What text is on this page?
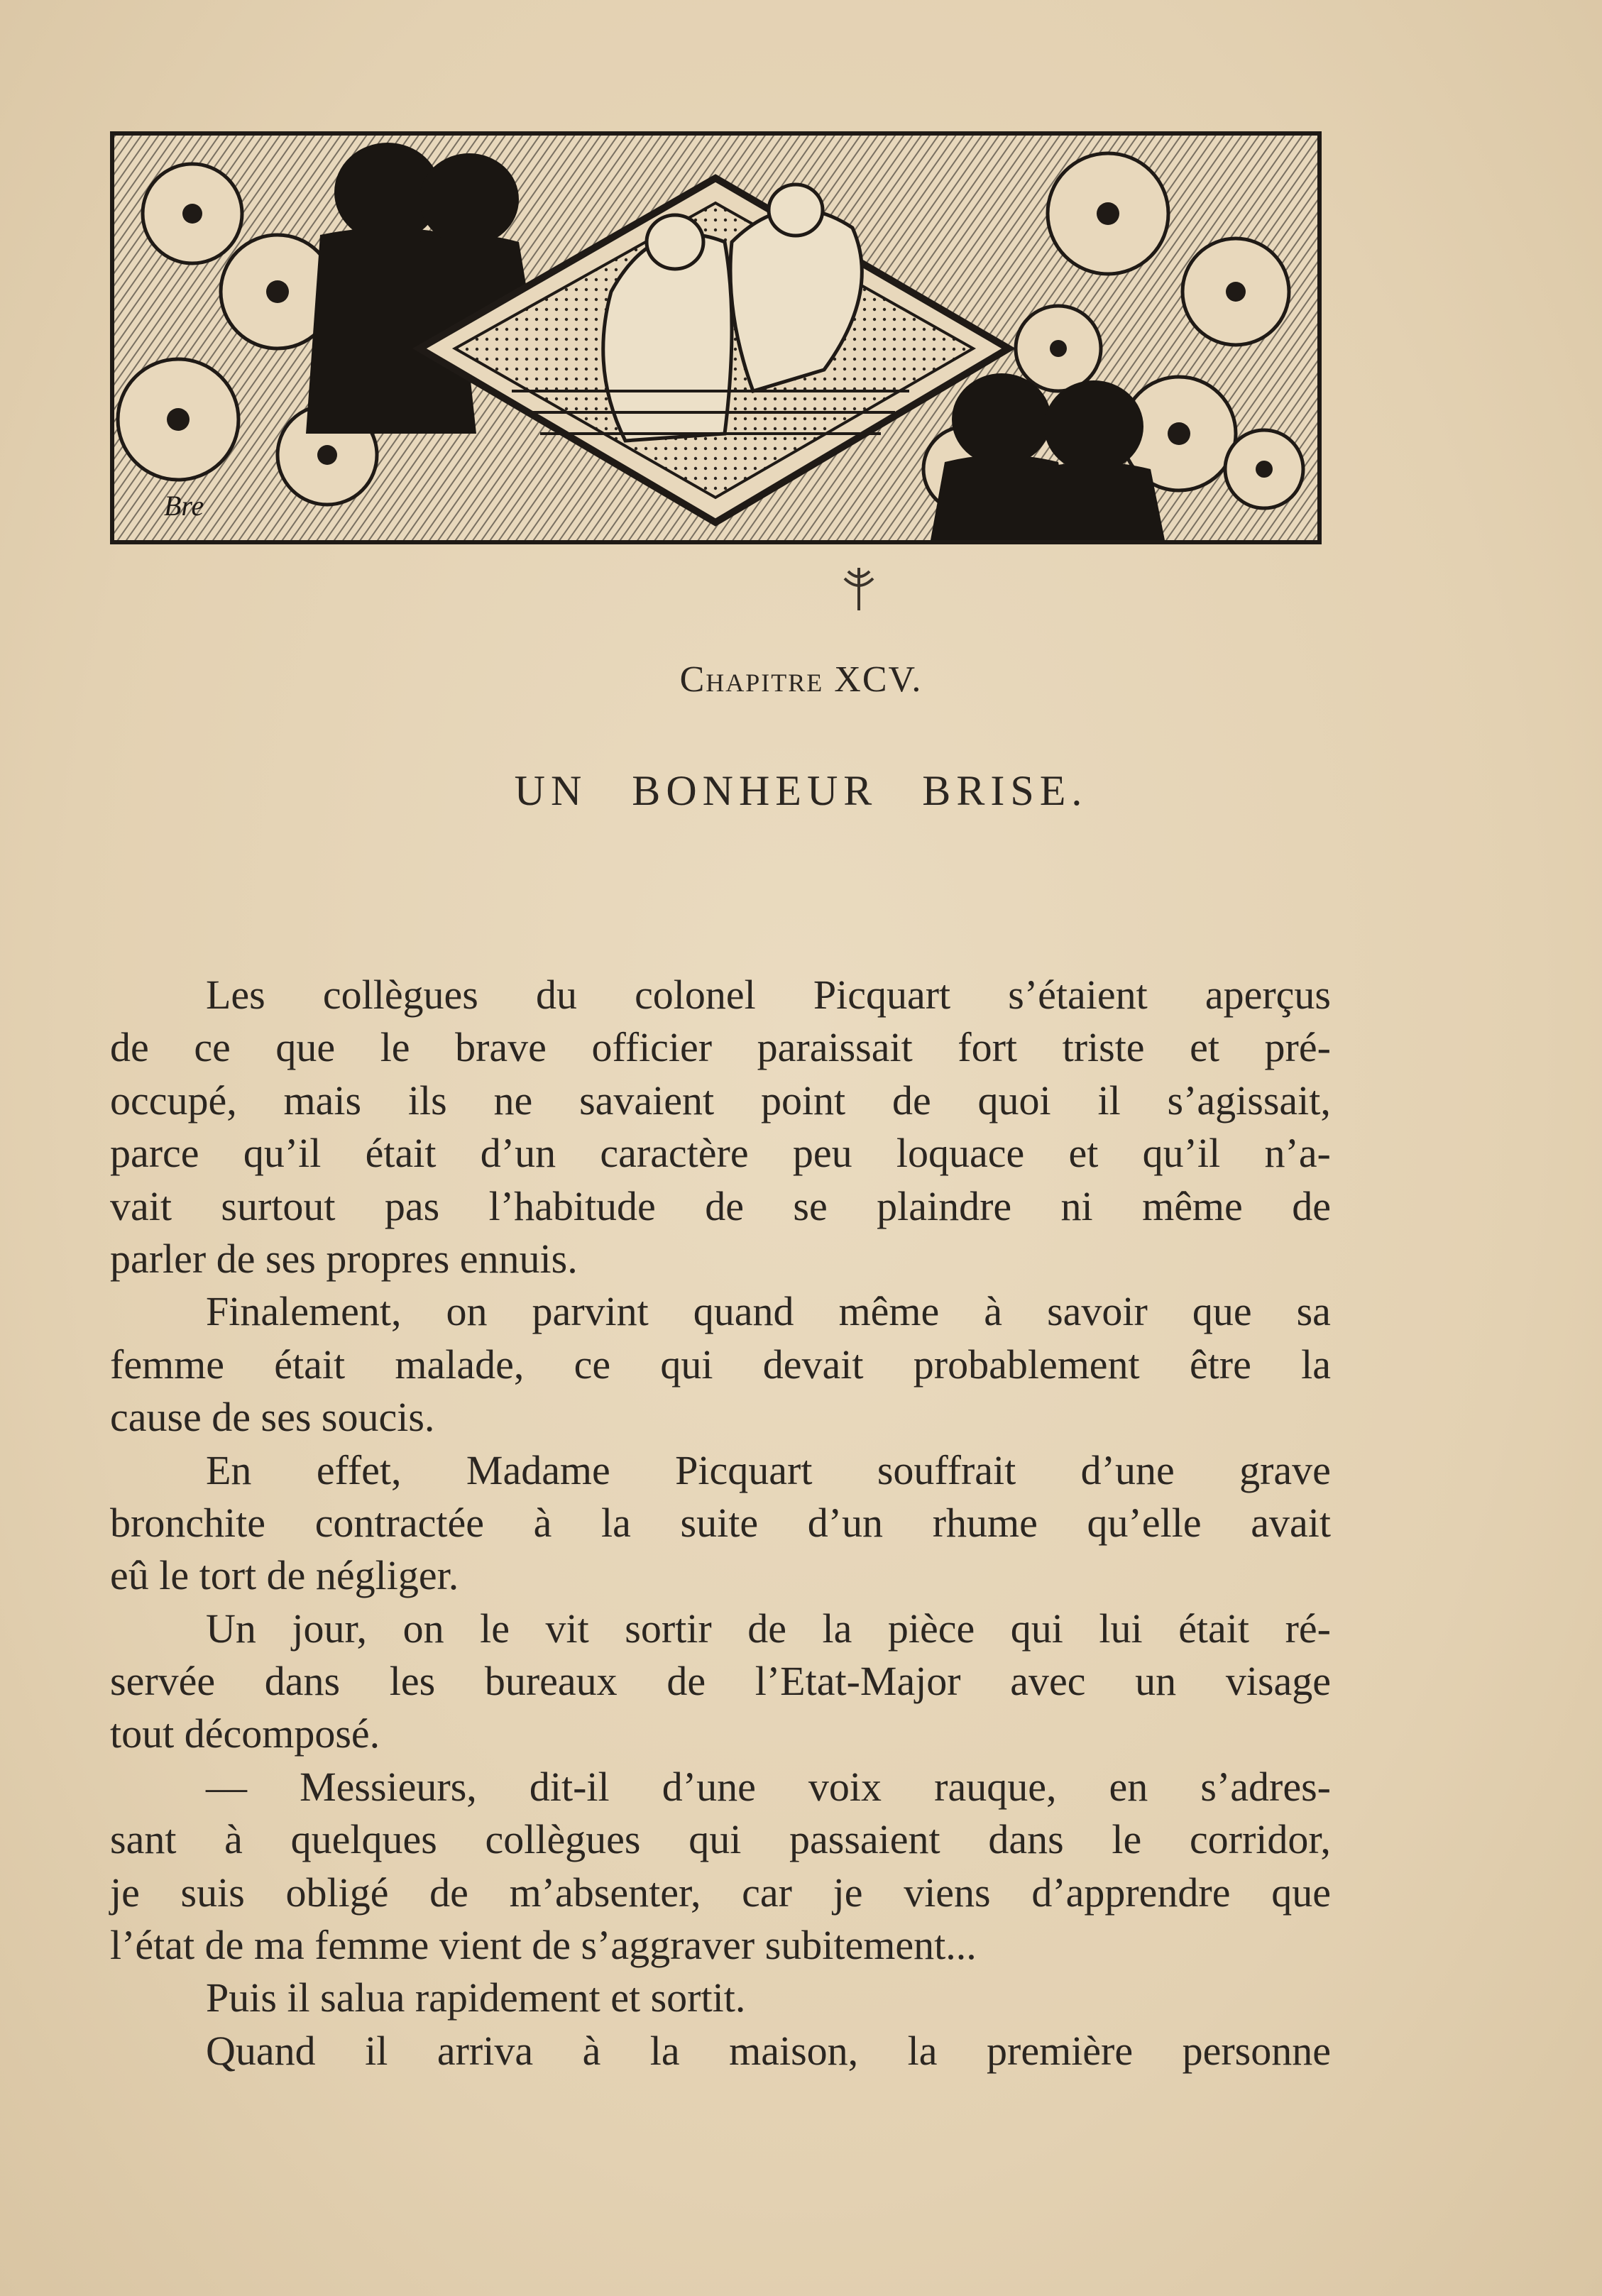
Bre
Chapitre XCV.
UN BONHEUR BRISE.
Les collègues du colonel Picquart s’étaient aperçus
de ce que le brave officier paraissait fort triste et pré-
occupé, mais ils ne savaient point de quoi il s’agissait,
parce qu’il était d’un caractère peu loquace et qu’il n’a-
vait surtout pas l’habitude de se plaindre ni même de
parler de ses propres ennuis.
Finalement, on parvint quand même à savoir que sa
femme était malade, ce qui devait probablement être la
cause de ses soucis.
En effet, Madame Picquart souffrait d’une grave
bronchite contractée à la suite d’un rhume qu’elle avait
eû le tort de négliger.
Un jour, on le vit sortir de la pièce qui lui était ré-
servée dans les bureaux de l’Etat-Major avec un visage
tout décomposé.
— Messieurs, dit-il d’une voix rauque, en s’adres-
sant à quelques collègues qui passaient dans le corridor,
je suis obligé de m’absenter, car je viens d’apprendre que
l’état de ma femme vient de s’aggraver subitement...
Puis il salua rapidement et sortit.
Quand il arriva à la maison, la première personne
